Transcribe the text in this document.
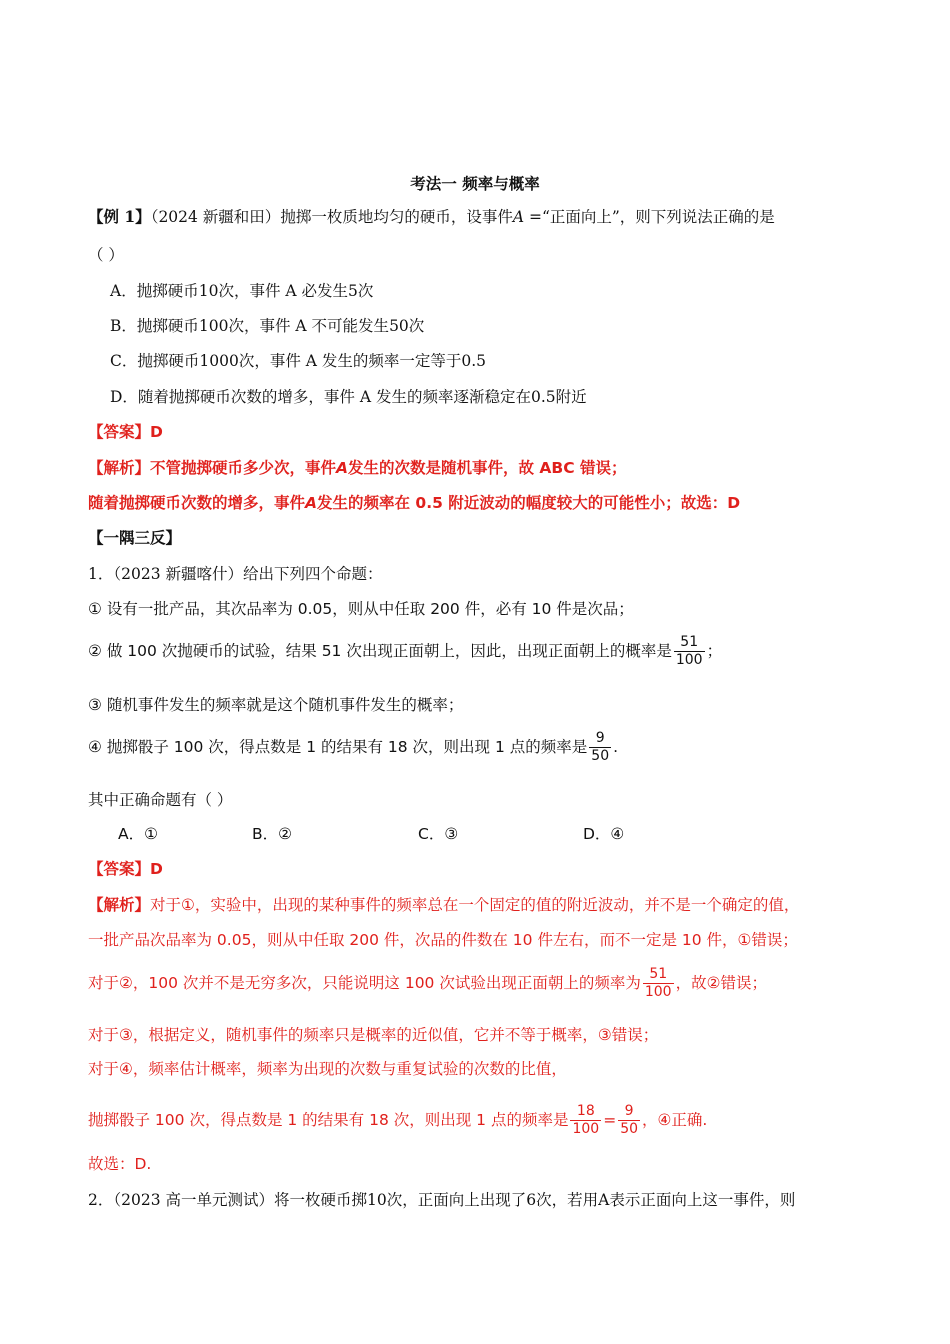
考法一 频率与概率
【例 1】（2024 新疆和田）抛掷一枚质地均匀的硬币，设事件A =“正面向上”，则下列说法正确的是
（ ）
A．抛掷硬币10次，事件 A 必发生5次
B．抛掷硬币100次，事件 A 不可能发生50次
C．抛掷硬币1000次，事件 A 发生的频率一定等于0.5
D．随着抛掷硬币次数的增多，事件 A 发生的频率逐渐稳定在0.5附近
【答案】D
【解析】不管抛掷硬币多少次，事件A发生的次数是随机事件，故 ABC 错误；
随着抛掷硬币次数的增多，事件A发生的频率在 0.5 附近波动的幅度较大的可能性小；故选：D
【一隅三反】
1．（2023 新疆喀什）给出下列四个命题：
① 设有一批产品，其次品率为 0.05，则从中任取 200 件，必有 10 件是次品；
② 做 100 次抛硬币的试验，结果 51 次出现正面朝上，因此，出现正面朝上的概率是 $\frac{51}{100}$ ；
③ 随机事件发生的频率就是这个随机事件发生的概率；
④ 抛掷骰子 100 次，得点数是 1 的结果有 18 次，则出现 1 点的频率是 $\frac{9}{50}$ .
其中正确命题有（ ）
A．①	B．②	C．③	D．④
【答案】D
【解析】对于①，实验中，出现的某种事件的频率总在一个固定的值的附近波动，并不是一个确定的值，
一批产品次品率为 0.05，则从中任取 200 件，次品的件数在 10 件左右，而不一定是 10 件，①错误；
对于②，100 次并不是无穷多次，只能说明这 100 次试验出现正面朝上的频率为 $\frac{51}{100}$ ，故②错误；
对于③，根据定义，随机事件的频率只是概率的近似值，它并不等于概率，③错误；
对于④，频率估计概率，频率为出现的次数与重复试验的次数的比值，
抛掷骰子 100 次，得点数是 1 的结果有 18 次，则出现 1 点的频率是 $\frac{18}{100} = \frac{9}{50}$ ，④正确.
故选：D.
2．（2023 高一单元测试）将一枚硬币掷10次，正面向上出现了6次，若用A表示正面向上这一事件，则
